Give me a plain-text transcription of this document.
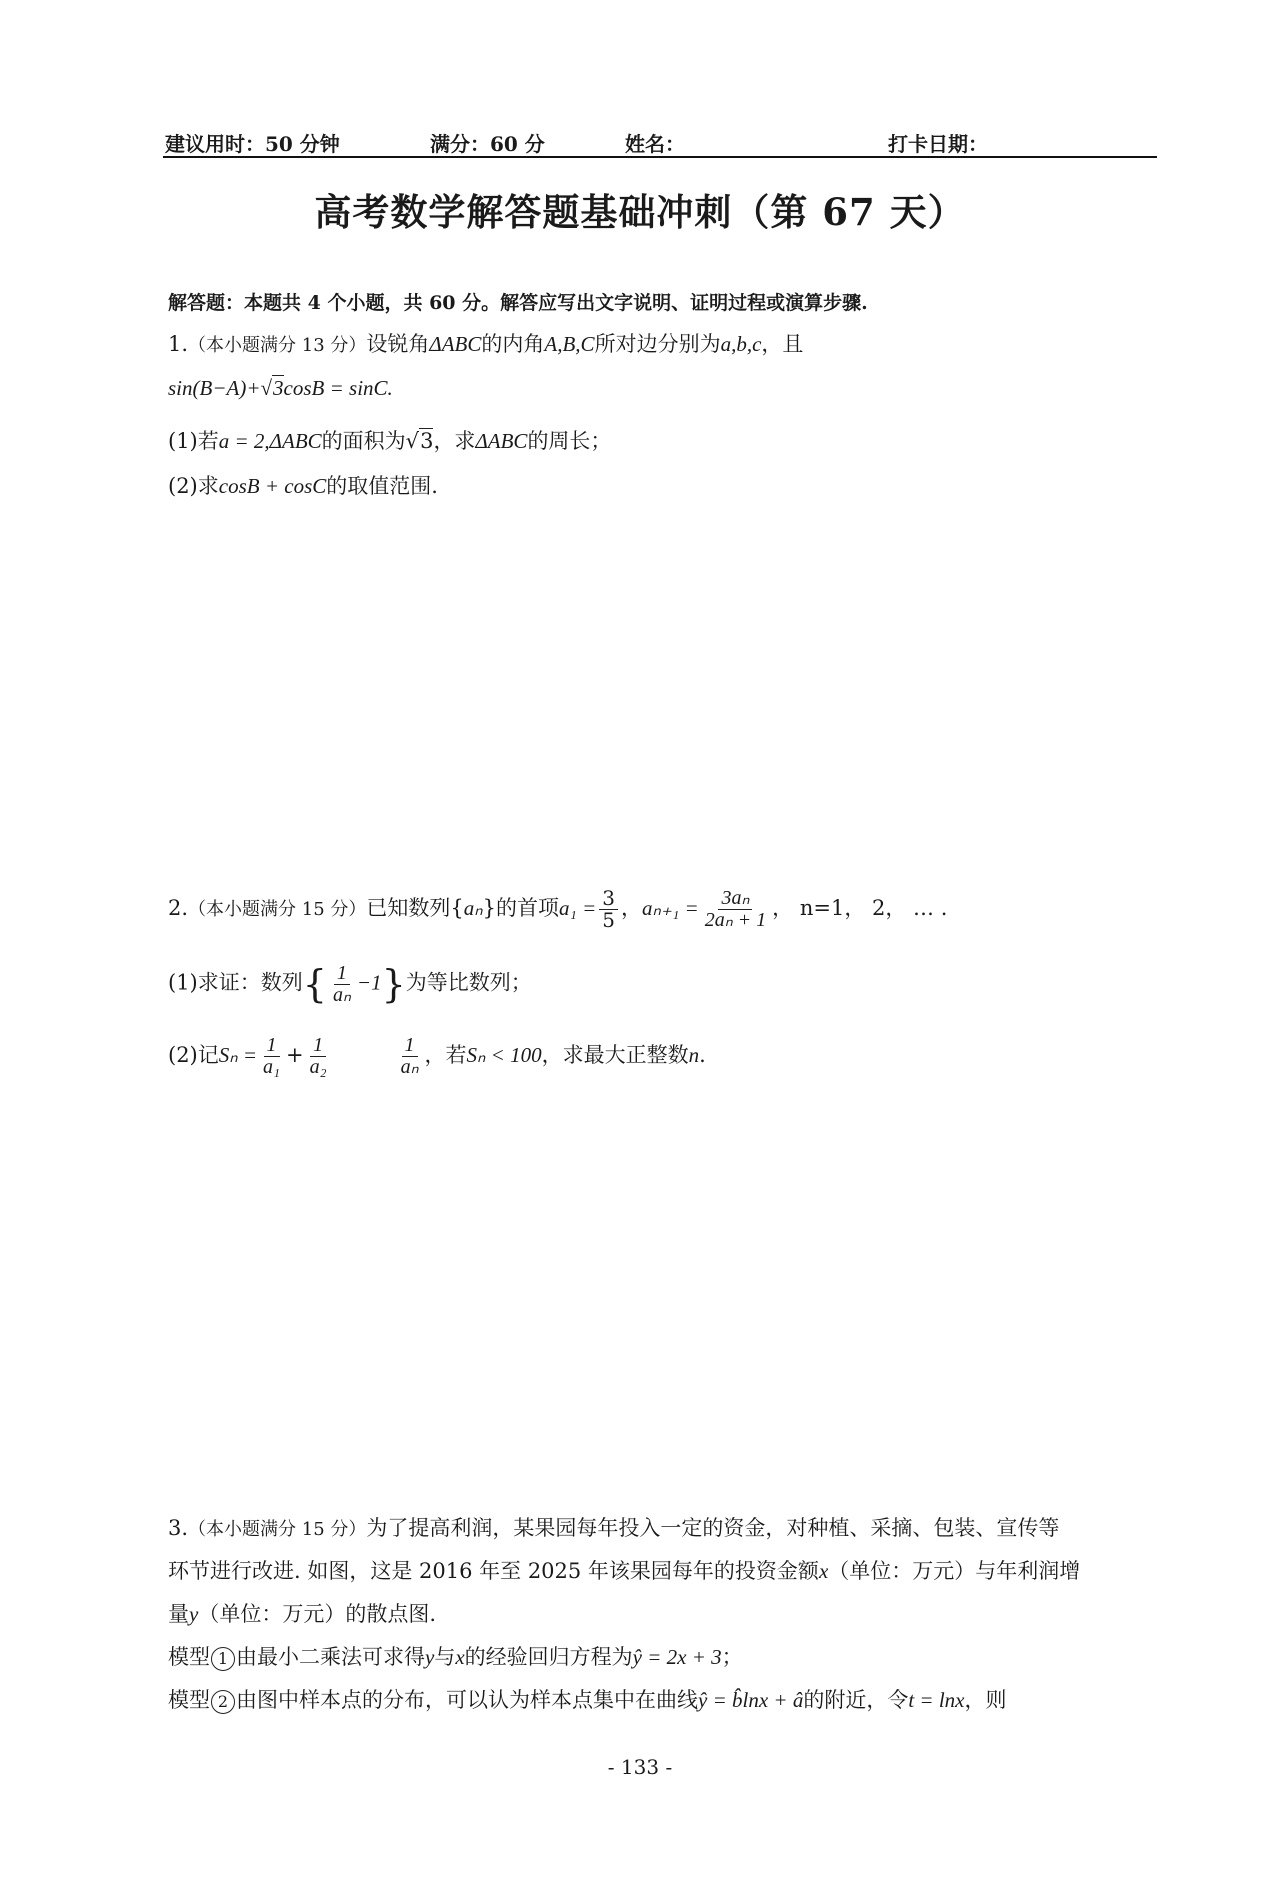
建议用时：50 分钟	满分：60 分	姓名：	打卡日期：
高考数学解答题基础冲刺（第 67 天）
解答题：本题共 4 个小题，共 60 分。解答应写出文字说明、证明过程或演算步骤.
1.（本小题满分 13 分）设锐角ΔABC的内角A,B,C所对边分别为a,b,c，且
sin(B−A)+√3cosB = sinC.
(1)若a = 2,ΔABC的面积为√3，求ΔABC的周长；
(2)求cosB + cosC的取值范围.
2.（本小题满分 15 分）已知数列{aₙ}的首项$a_1 = \frac{3}{5}$ ，$a_{n+1} = \frac{\text{3aₙ}}{\text{2aₙ + 1}}$ ， n=1， 2， … .
(1)求证：数列{ $\frac{1}{\text{aₙ}} -1$}为等比数列；
(2)记$S_n = \frac{1}{\text{a₁}} + \frac{1}{\text{a₂}}$	$\frac{1}{\text{aₙ}}$ ，若Sₙ < 100，求最大正整数n.
3.（本小题满分 15 分）为了提高利润，某果园每年投入一定的资金，对种植、采摘、包装、宣传等
环节进行改进. 如图，这是 2016 年至 2025 年该果园每年的投资金额x（单位：万元）与年利润增
量y（单位：万元）的散点图.
模型 1 由最小二乘法可求得y与x的经验回归方程为ŷ = 2x + 3；
模型 2 由图中样本点的分布，可以认为样本点集中在曲线ŷ = b̂lnx + â的附近，令t = lnx，则
- 133 -
